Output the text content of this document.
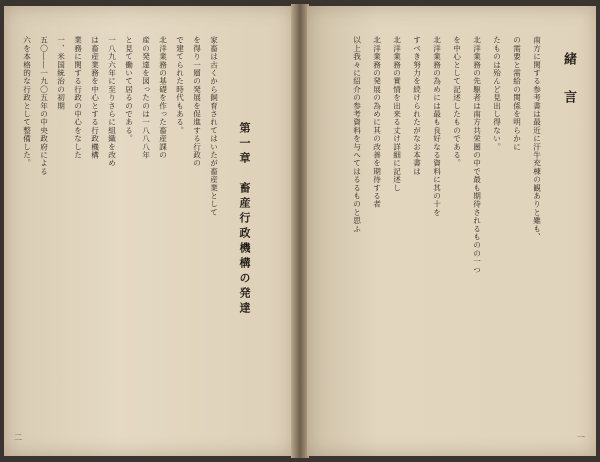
第一章　畜産行政機構の発達
二
家畜は古くから飼育されてはいたが畜産業として
を得り一層の発展を促進する行政の
で建てられた時代もある。
北洋業務の基礎を作った畜産課の
産の発達を図ったのは一八八八年
と見て働いて居るのである。
一八九六年に至りさらに組織を改め
は畜産業務を中心とする行政機構
業務に関する行政の中心をなした
一、米国統治の初期
五〇――一九〇五年の中央政府による
六を本格的な行政として整備した。	緒　言
一
南方に関する参考書は最近に汗牛充棟の観ありと雖も、
の需要と需給の関係を明らかに
たものは殆んど見出し得ない。
北洋業務の先駆者は南方共栄圏の中で最も期待されるものの一つ
を中心として記述したものである。
北洋業務の為めには最も良好なる資料に其の十を
すべき努力を続けられたがなお本書は
北洋業務の實情を出来る丈け詳細に記述し
北洋業務の発展の為めに其の改善を期待する者
以上我々に紹介の参考資料を与へてはるるものと思ふ
